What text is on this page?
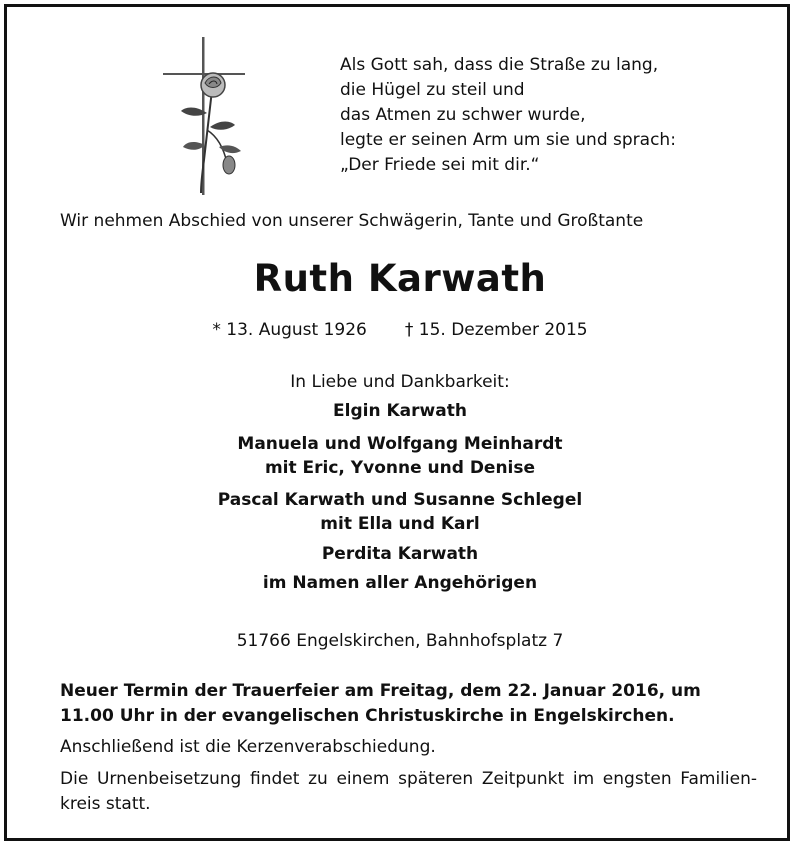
Als Gott sah, dass die Straße zu lang,
die Hügel zu steil und
das Atmen zu schwer wurde,
legte er seinen Arm um sie und sprach:
„Der Friede sei mit dir.“
Wir nehmen Abschied von unserer Schwägerin, Tante und Großtante
Ruth Karwath
* 13. August 1926 † 15. Dezember 2015
In Liebe und Dankbarkeit:
Elgin Karwath
Manuela und Wolfgang Meinhardt
mit Eric, Yvonne und Denise
Pascal Karwath und Susanne Schlegel
mit Ella und Karl
Perdita Karwath
im Namen aller Angehörigen
51766 Engelskirchen, Bahnhofsplatz 7
Neuer Termin der Trauerfeier am Freitag, dem 22. Januar 2016, um 11.00 Uhr in der evangelischen Christuskirche in Engelskirchen.
Anschließend ist die Kerzenverabschiedung.
Die Urnenbeisetzung findet zu einem späteren Zeitpunkt im engsten Familien-kreis statt.
